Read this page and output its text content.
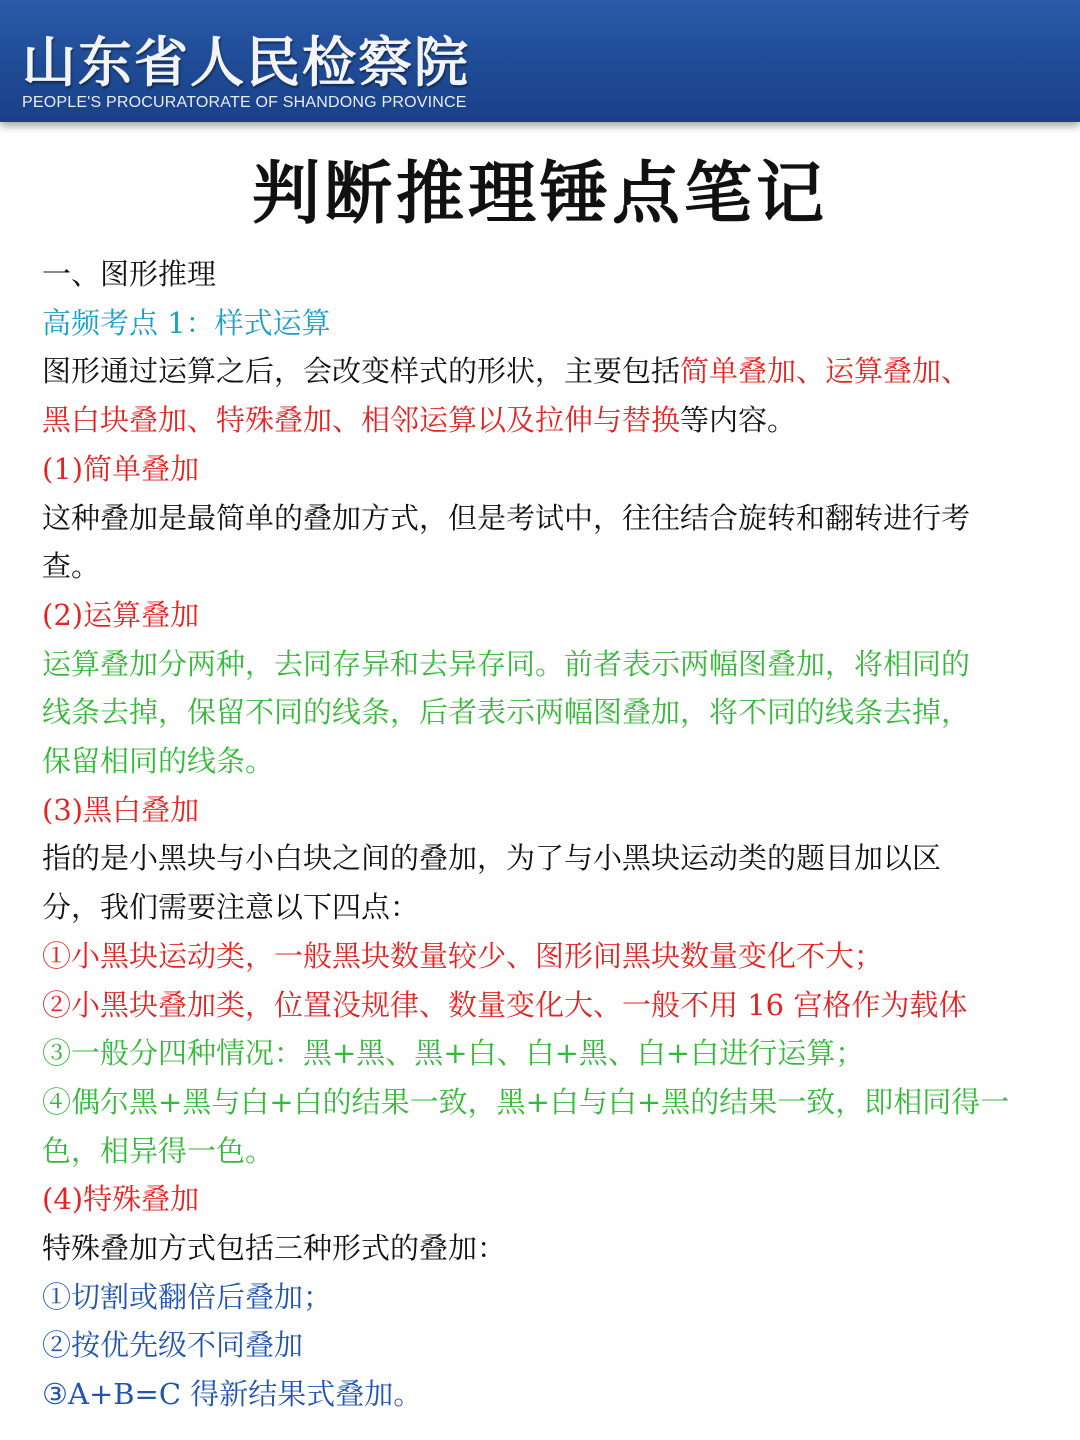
山东省人民检察院
PEOPLE'S PROCURATORATE OF SHANDONG PROVINCE
判断推理锤点笔记

一、图形推理

高频考点 1：样式运算

图形通过运算之后，会改变样式的形状，主要包括简单叠加、运算叠加、
黑白块叠加、特殊叠加、相邻运算以及拉伸与替换等内容。

(1)简单叠加

这种叠加是最简单的叠加方式，但是考试中，往往结合旋转和翻转进行考
查。

(2)运算叠加

运算叠加分两种，去同存异和去异存同。前者表示两幅图叠加，将相同的
线条去掉，保留不同的线条，后者表示两幅图叠加，将不同的线条去掉，
保留相同的线条。

(3)黑白叠加

指的是小黑块与小白块之间的叠加，为了与小黑块运动类的题目加以区
分，我们需要注意以下四点：

①小黑块运动类，一般黑块数量较少、图形间黑块数量变化不大；

②小黑块叠加类，位置没规律、数量变化大、一般不用 16 宫格作为载体

③一般分四种情况：黑+黑、黑+白、白+黑、白+白进行运算；

④偶尔黑+黑与白+白的结果一致，黑+白与白+黑的结果一致，即相同得一
色，相异得一色。

(4)特殊叠加

特殊叠加方式包括三种形式的叠加：

①切割或翻倍后叠加；

②按优先级不同叠加

③A+B=C 得新结果式叠加。
